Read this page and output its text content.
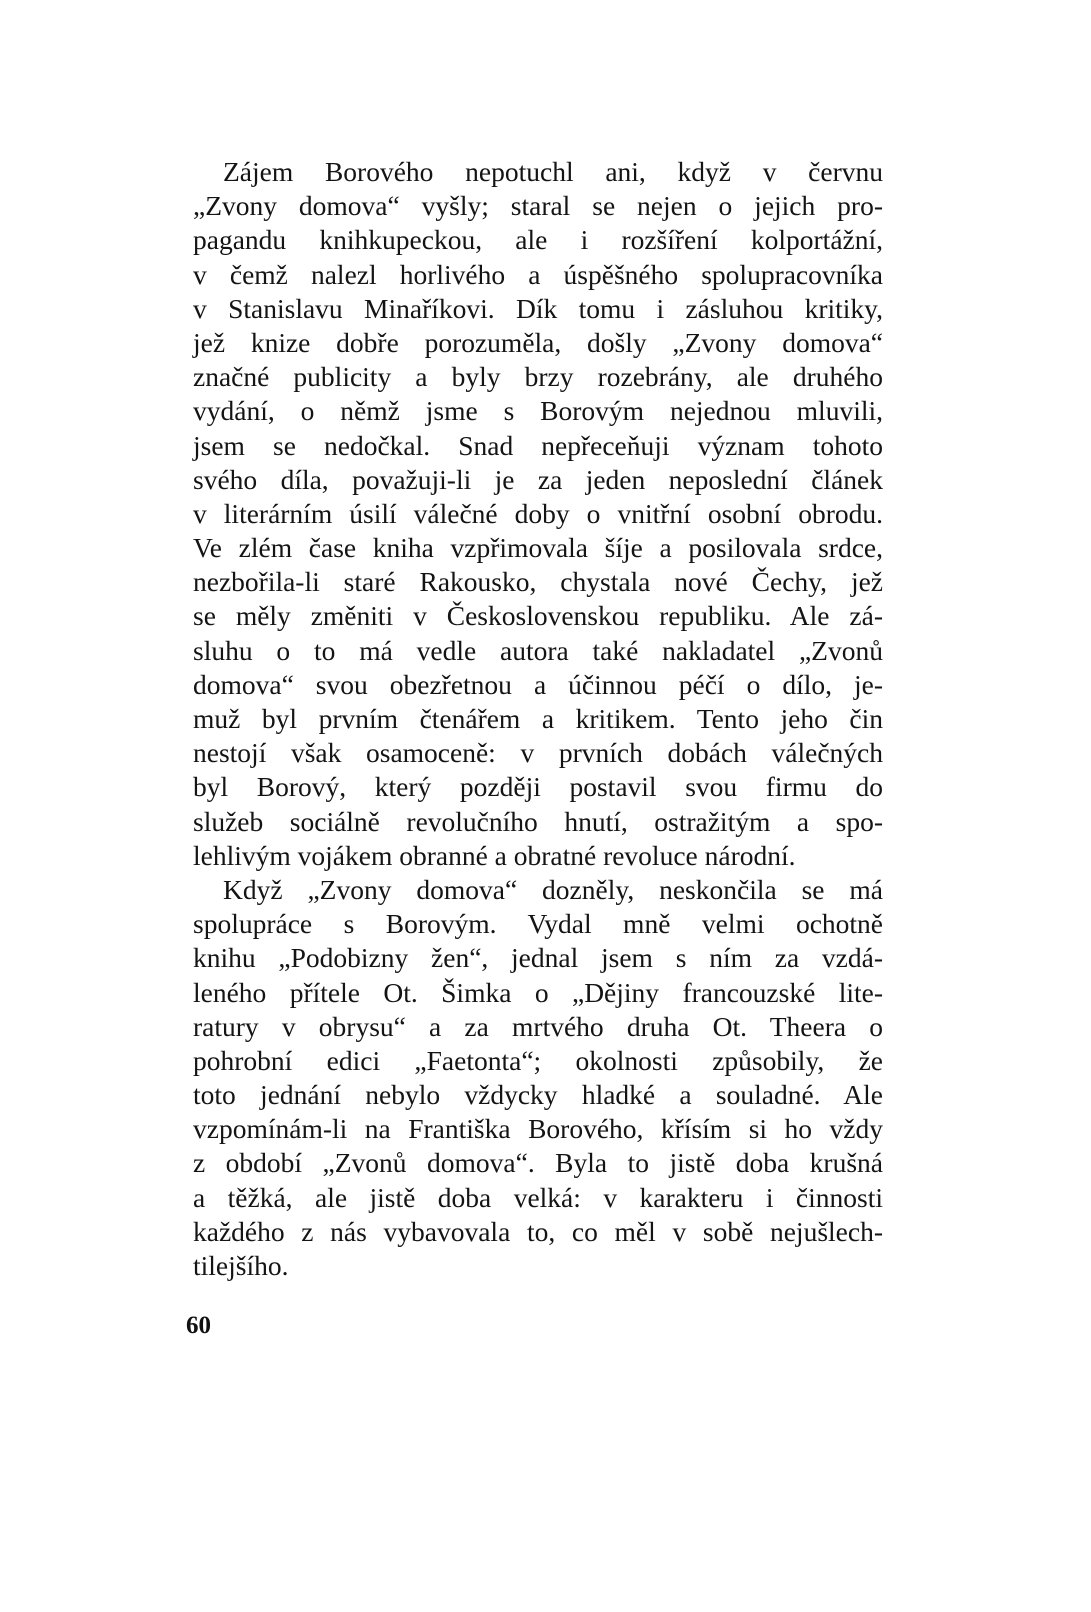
Zájem Borového nepotuchl ani, když v červnu
„Zvony domova“ vyšly; staral se nejen o jejich pro-
pagandu knihkupeckou, ale i rozšíření kolportážní,
v čemž nalezl horlivého a úspěšného spolupracovníka
v Stanislavu Minaříkovi. Dík tomu i zásluhou kritiky,
jež knize dobře porozuměla, došly „Zvony domova“
značné publicity a byly brzy rozebrány, ale druhého
vydání, o němž jsme s Borovým nejednou mluvili,
jsem se nedočkal. Snad nepřeceňuji význam tohoto
svého díla, považuji-li je za jeden neposlední článek
v literárním úsilí válečné doby o vnitřní osobní obrodu.
Ve zlém čase kniha vzpřimovala šíje a posilovala srdce,
nezbořila-li staré Rakousko, chystala nové Čechy, jež
se měly změniti v Československou republiku. Ale zá-
sluhu o to má vedle autora také nakladatel „Zvonů
domova“ svou obezřetnou a účinnou péčí o dílo, je-
muž byl prvním čtenářem a kritikem. Tento jeho čin
nestojí však osamoceně: v prvních dobách válečných
byl Borový, který později postavil svou firmu do
služeb sociálně revolučního hnutí, ostražitým a spo-
lehlivým vojákem obranné a obratné revoluce národní.
Když „Zvony domova“ dozněly, neskončila se má
spolupráce s Borovým. Vydal mně velmi ochotně
knihu „Podobizny žen“, jednal jsem s ním za vzdá-
leného přítele Ot. Šimka o „Dějiny francouzské lite-
ratury v obrysu“ a za mrtvého druha Ot. Theera o
pohrobní edici „Faetonta“; okolnosti způsobily, že
toto jednání nebylo vždycky hladké a souladné. Ale
vzpomínám-li na Františka Borového, křísím si ho vždy
z období „Zvonů domova“. Byla to jistě doba krušná
a těžká, ale jistě doba velká: v karakteru i činnosti
každého z nás vybavovala to, co měl v sobě nejušlech-
tilejšího.
60
